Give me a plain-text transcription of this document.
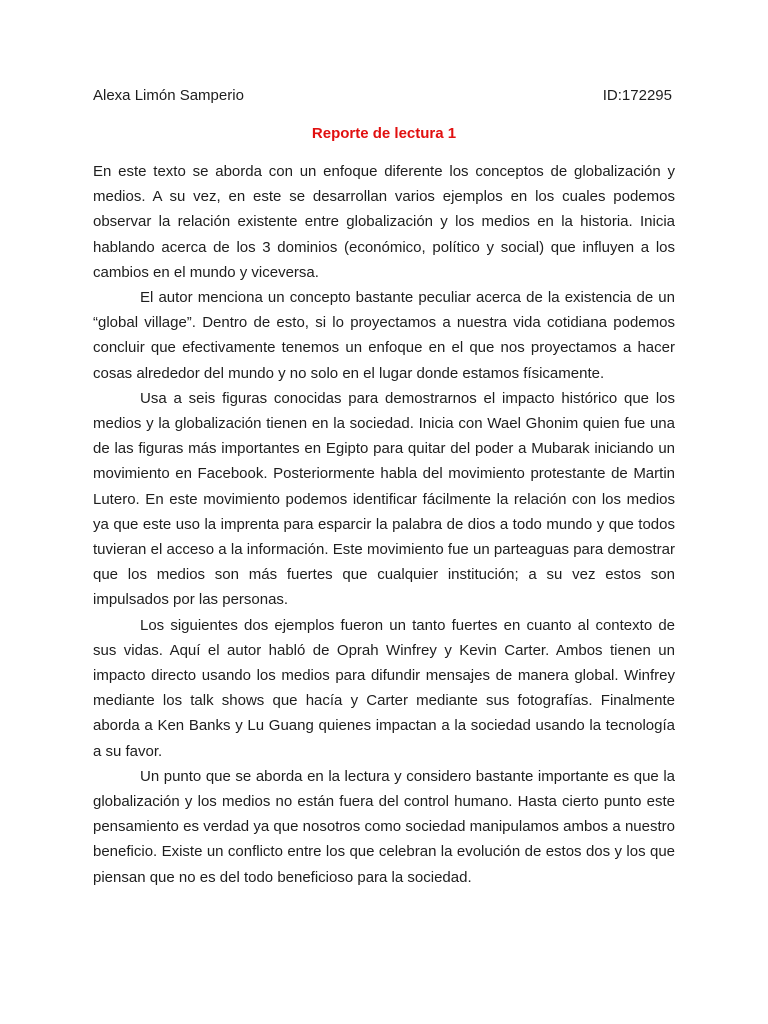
Alexa Limón Samperio	ID:172295
Reporte de lectura 1

En este texto se aborda con un enfoque diferente los conceptos de globalización y medios. A su vez, en este se desarrollan varios ejemplos en los cuales podemos observar la relación existente entre globalización y los medios en la historia. Inicia hablando acerca de los 3 dominios (económico, político y social) que influyen a los cambios en el mundo y viceversa.

El autor menciona un concepto bastante peculiar acerca de la existencia de un “global village”. Dentro de esto, si lo proyectamos a nuestra vida cotidiana podemos concluir que efectivamente tenemos un enfoque en el que nos proyectamos a hacer cosas alrededor del mundo y no solo en el lugar donde estamos físicamente.

Usa a seis figuras conocidas para demostrarnos el impacto histórico que los medios y la globalización tienen en la sociedad. Inicia con Wael Ghonim quien fue una de las figuras más importantes en Egipto para quitar del poder a Mubarak iniciando un movimiento en Facebook. Posteriormente habla del movimiento protestante de Martin Lutero. En este movimiento podemos identificar fácilmente la relación con los medios ya que este uso la imprenta para esparcir la palabra de dios a todo mundo y que todos tuvieran el acceso a la información. Este movimiento fue un parteaguas para demostrar que los medios son más fuertes que cualquier institución; a su vez estos son impulsados por las personas.

Los siguientes dos ejemplos fueron un tanto fuertes en cuanto al contexto de sus vidas. Aquí el autor habló de Oprah Winfrey y Kevin Carter. Ambos tienen un impacto directo usando los medios para difundir mensajes de manera global. Winfrey mediante los talk shows que hacía y Carter mediante sus fotografías. Finalmente aborda a Ken Banks y Lu Guang quienes impactan a la sociedad usando la tecnología a su favor.

Un punto que se aborda en la lectura y considero bastante importante es que la globalización y los medios no están fuera del control humano. Hasta cierto punto este pensamiento es verdad ya que nosotros como sociedad manipulamos ambos a nuestro beneficio. Existe un conflicto entre los que celebran la evolución de estos dos y los que piensan que no es del todo beneficioso para la sociedad.
